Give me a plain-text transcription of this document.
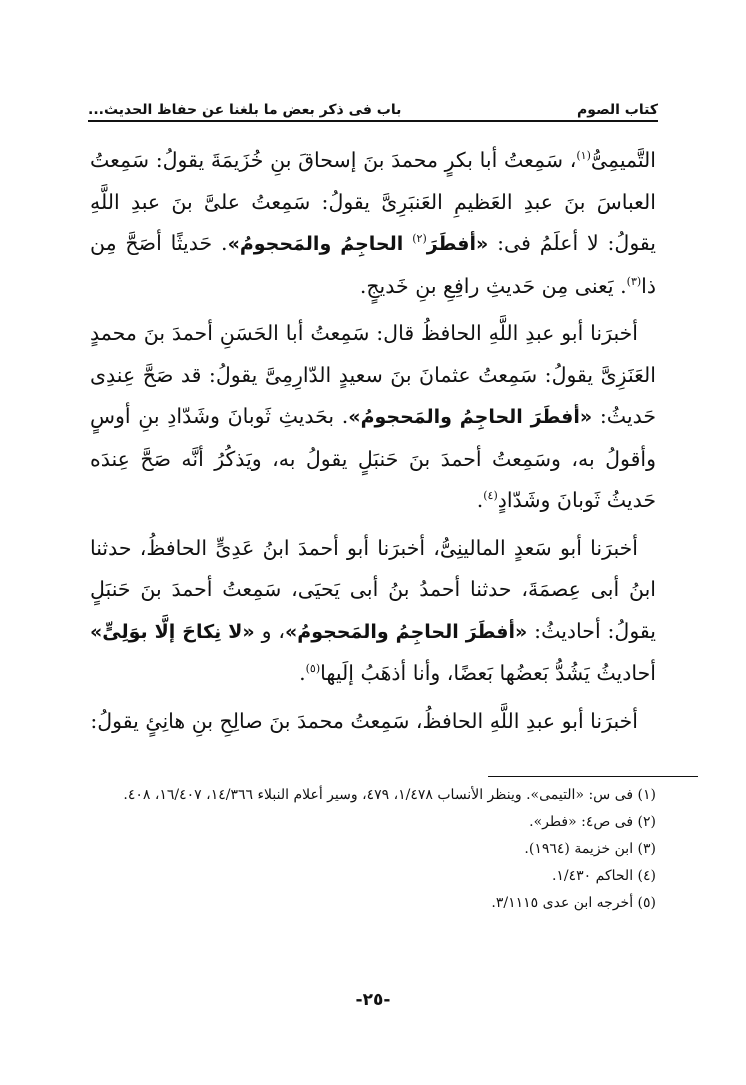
كتاب الصوم
باب فى ذكر بعض ما بلغنا عن حفاظ الحديث...

التَّميمِىُّ$^{(١)}$، سَمِعتُ أبا بكرٍ محمدَ بنَ إسحاقَ بنِ خُزَيمَةَ يقولُ: سَمِعتُ العباسَ بنَ عبدِ العَظيمِ العَنبَرِىَّ يقولُ: سَمِعتُ علىَّ بنَ عبدِ اللَّهِ يقولُ: لا أعلَمُ فى: «أفطَرَ$^{(٢)}$ الحاجِمُ والمَحجومُ». حَديثًا أصَحَّ مِن ذا$^{(٣)}$. يَعنى مِن حَديثِ رافِعِ بنِ خَديجٍ.

أخبرَنا أبو عبدِ اللَّهِ الحافظُ قال: سَمِعتُ أبا الحَسَنِ أحمدَ بنَ محمدٍ العَنَزِىَّ يقولُ: سَمِعتُ عثمانَ بنَ سعيدٍ الدّارِمِىَّ يقولُ: قد صَحَّ عِندِى حَديثُ: «أفطَرَ الحاجِمُ والمَحجومُ». بحَديثِ ثَوبانَ وشَدّادِ بنِ أوسٍ وأقولُ به، وسَمِعتُ أحمدَ بنَ حَنبَلٍ يقولُ به، ويَذكُرُ أنَّه صَحَّ عِندَه حَديثُ ثَوبانَ وشَدّادٍ$^{(٤)}$.

أخبرَنا أبو سَعدٍ المالينِىُّ، أخبرَنا أبو أحمدَ ابنُ عَدِىٍّ الحافظُ، حدثنا ابنُ أبى عِصمَةَ، حدثنا أحمدُ بنُ أبى يَحيَى، سَمِعتُ أحمدَ بنَ حَنبَلٍ يقولُ: أحاديثُ: «أفطَرَ الحاجِمُ والمَحجومُ»، و «لا نِكاحَ إلَّا بوَلِىٍّ» أحاديثُ يَشُدُّ بَعضُها بَعضًا، وأنا أذهَبُ إلَيها$^{(٥)}$.

أخبرَنا أبو عبدِ اللَّهِ الحافظُ، سَمِعتُ محمدَ بنَ صالِحِ بنِ هانِئٍ يقولُ:

(١) فى س: «التيمى». وينظر الأنساب ١/٤٧٨، ٤٧٩، وسير أعلام النبلاء ١٤/٣٦٦، ١٦/٤٠٧، ٤٠٨.
(٢) فى ص٤: «فطر».
(٣) ابن خزيمة (١٩٦٤).
(٤) الحاكم ١/٤٣٠.
(٥) أخرجه ابن عدى ٣/١١١٥.
-٢٥-
